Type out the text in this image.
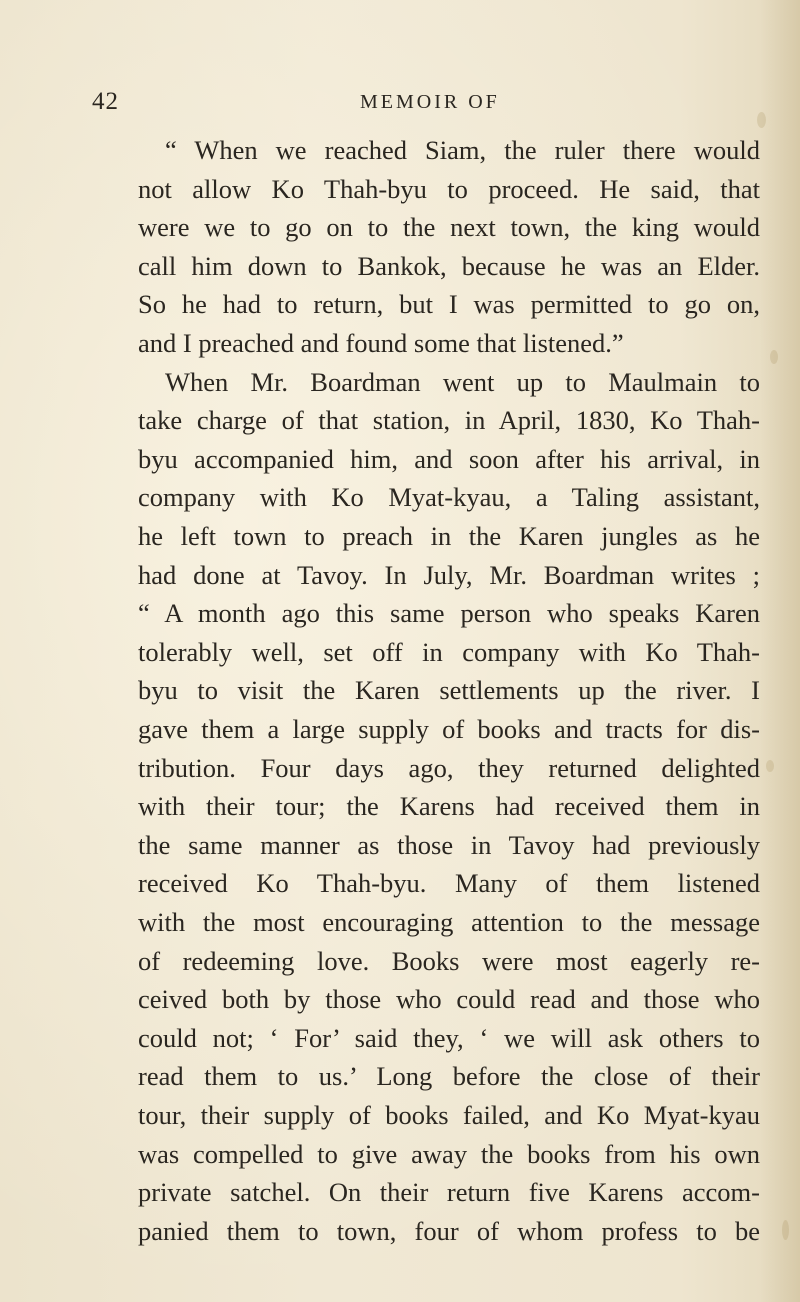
42	MEMOIR OF
“ When we reached Siam, the ruler there would
not allow Ko Thah-byu to proceed. He said, that
were we to go on to the next town, the king would
call him down to Bankok, because he was an Elder.
So he had to return, but I was permitted to go on,
and I preached and found some that listened.”
When Mr. Boardman went up to Maulmain to
take charge of that station, in April, 1830, Ko Thah-
byu accompanied him, and soon after his arrival, in
company with Ko Myat-kyau, a Taling assistant,
he left town to preach in the Karen jungles as he
had done at Tavoy. In July, Mr. Boardman writes ;
“ A month ago this same person who speaks Karen
tolerably well, set off in company with Ko Thah-
byu to visit the Karen settlements up the river. I
gave them a large supply of books and tracts for dis-
tribution. Four days ago, they returned delighted
with their tour; the Karens had received them in
the same manner as those in Tavoy had previously
received Ko Thah-byu. Many of them listened
with the most encouraging attention to the message
of redeeming love. Books were most eagerly re-
ceived both by those who could read and those who
could not; ‘ For’ said they, ‘ we will ask others to
read them to us.’ Long before the close of their
tour, their supply of books failed, and Ko Myat-kyau
was compelled to give away the books from his own
private satchel. On their return five Karens accom-
panied them to town, four of whom profess to be
